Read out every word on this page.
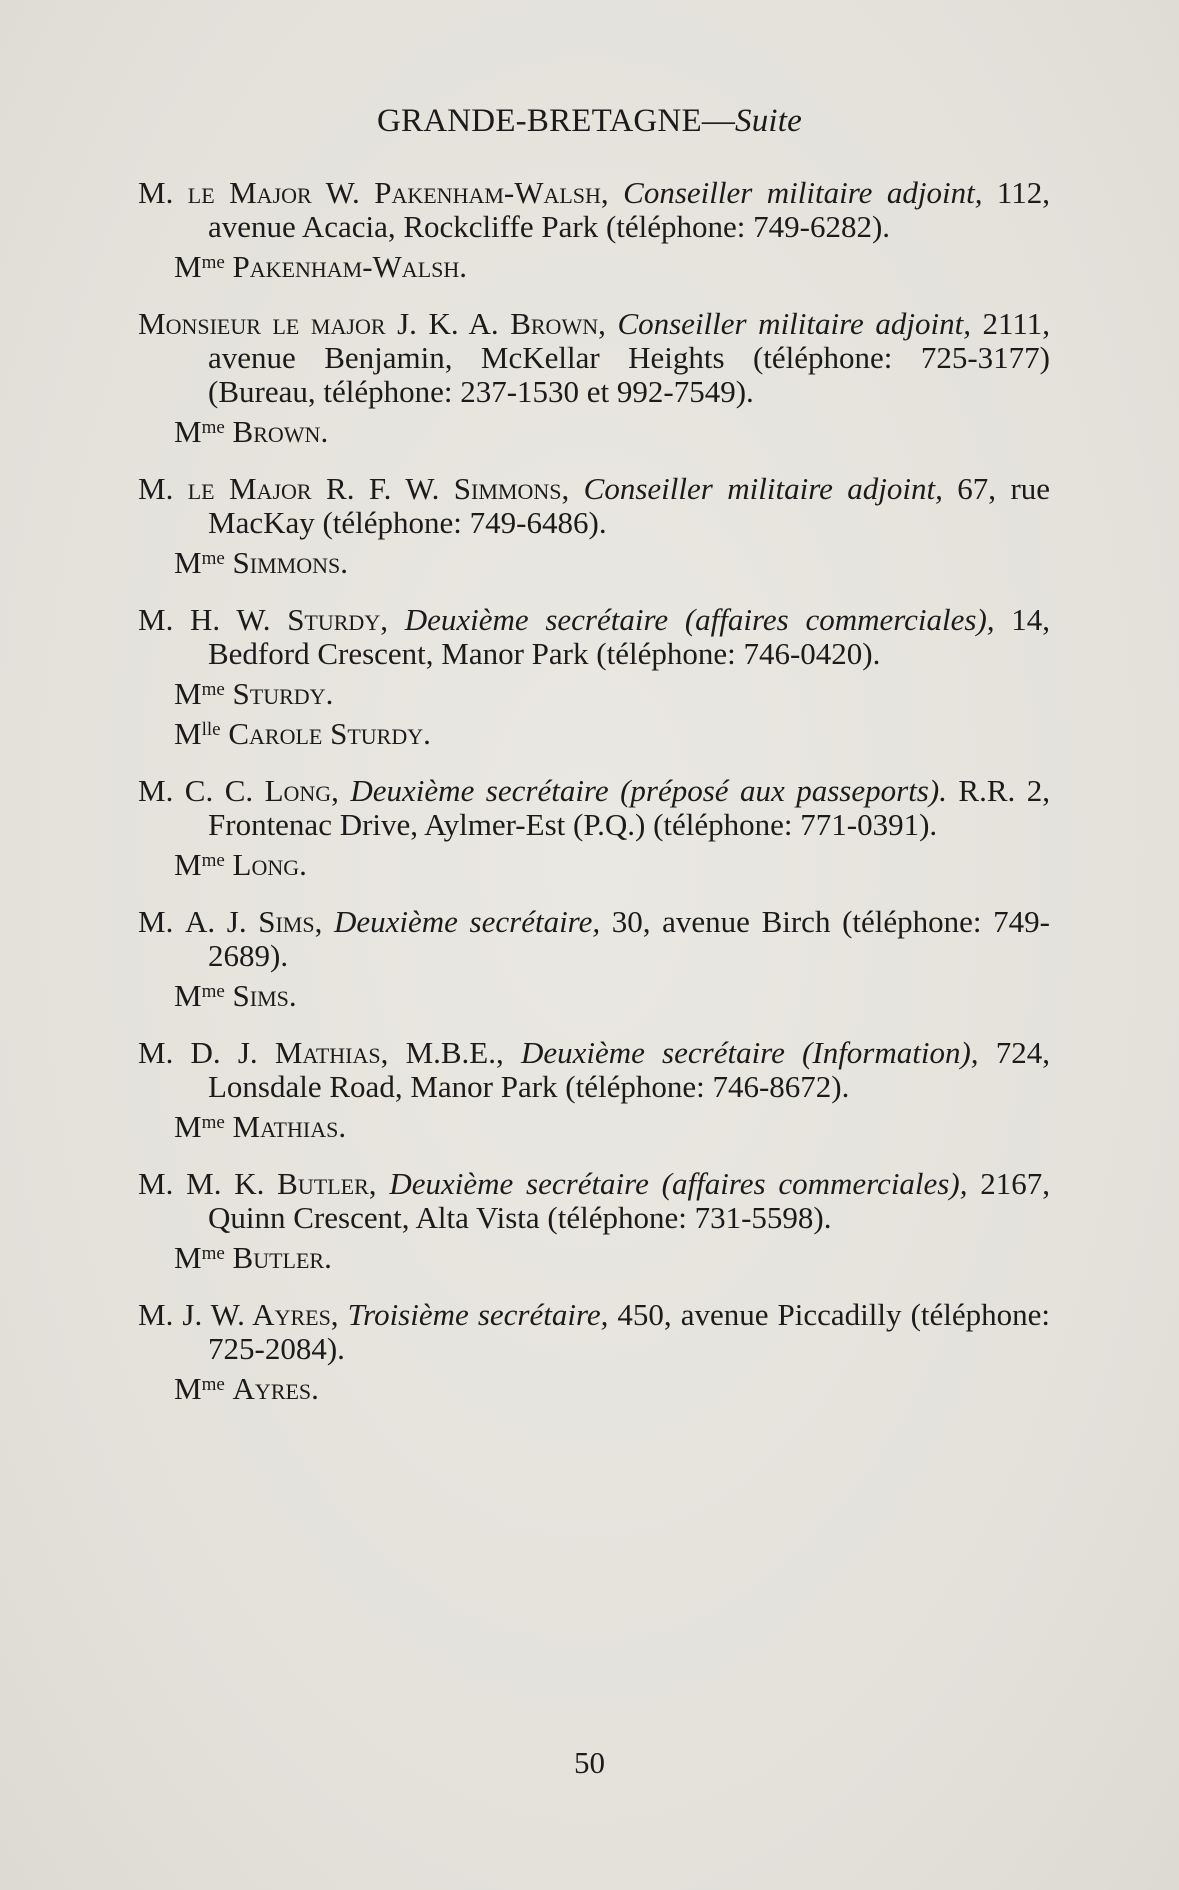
GRANDE-BRETAGNE—Suite
M. le Major W. Pakenham-Walsh, Conseiller militaire adjoint, 112, avenue Acacia, Rockcliffe Park (téléphone: 749-6282).
$M^{me}$ Pakenham-Walsh.
Monsieur le major J. K. A. Brown, Conseiller militaire adjoint, 2111, avenue Benjamin, McKellar Heights (téléphone: 725-3177) (Bureau, téléphone: 237-1530 et 992-7549).
$M^{me}$ Brown.
M. le Major R. F. W. Simmons, Conseiller militaire adjoint, 67, rue MacKay (téléphone: 749-6486).
$M^{me}$ Simmons.
M. H. W. Sturdy, Deuxième secrétaire (affaires commerciales), 14, Bedford Crescent, Manor Park (téléphone: 746-0420).
$M^{me}$ Sturdy.
$M^{lle}$ Carole Sturdy.
M. C. C. Long, Deuxième secrétaire (préposé aux passeports). R.R. 2, Frontenac Drive, Aylmer-Est (P.Q.) (téléphone: 771-0391).
$M^{me}$ Long.
M. A. J. Sims, Deuxième secrétaire, 30, avenue Birch (téléphone: 749-2689).
$M^{me}$ Sims.
M. D. J. Mathias, M.B.E., Deuxième secrétaire (Information), 724, Lonsdale Road, Manor Park (téléphone: 746-8672).
$M^{me}$ Mathias.
M. M. K. Butler, Deuxième secrétaire (affaires commerciales), 2167, Quinn Crescent, Alta Vista (téléphone: 731-5598).
$M^{me}$ Butler.
M. J. W. Ayres, Troisième secrétaire, 450, avenue Piccadilly (téléphone: 725-2084).
$M^{me}$ Ayres.
50
